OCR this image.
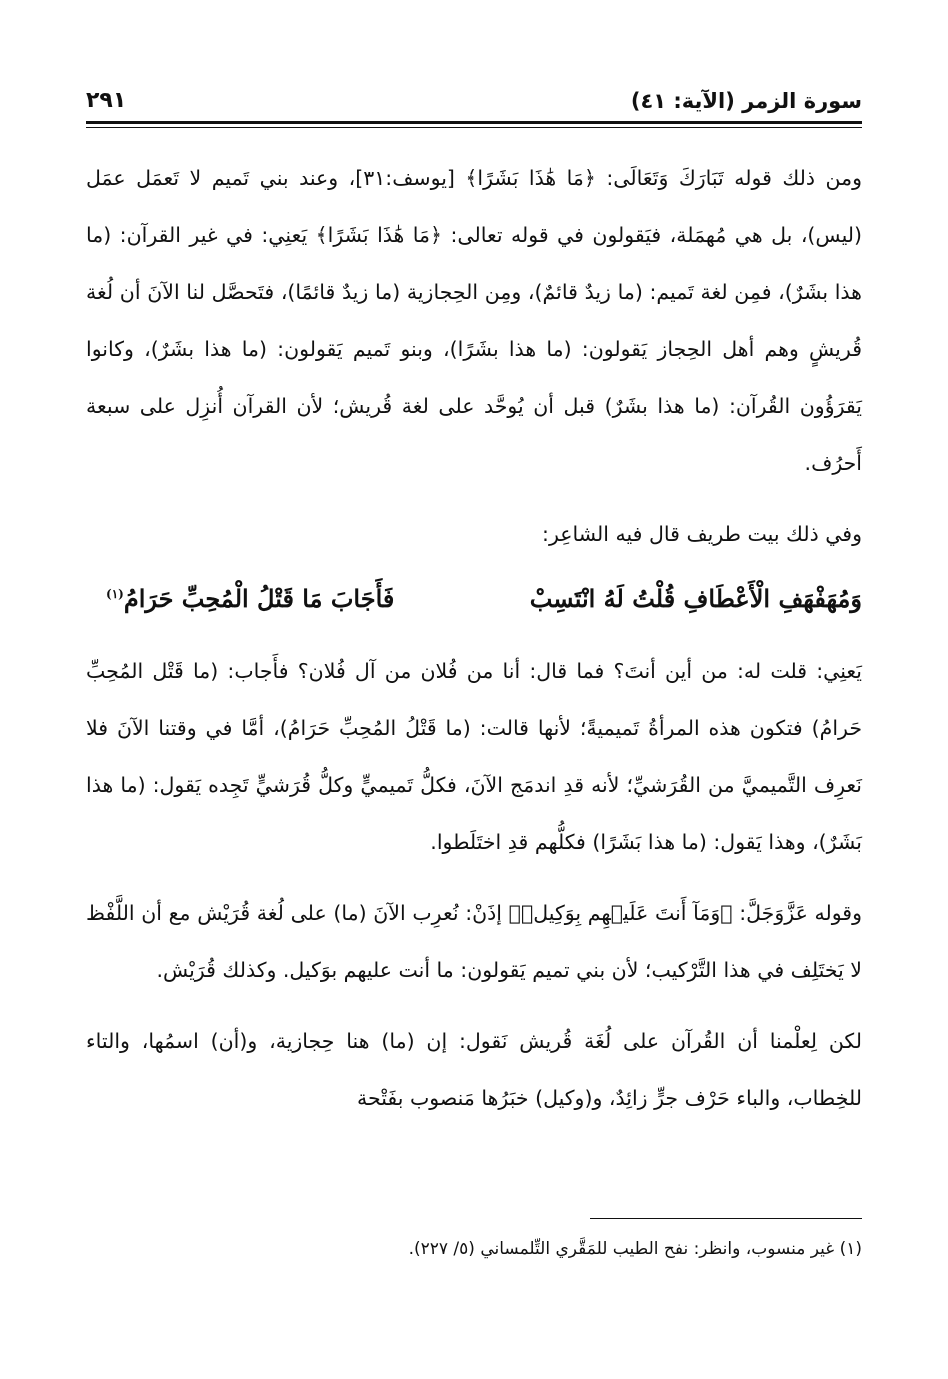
سورة الزمر (الآية: ٤١)
٢٩١

ومن ذلك قوله تَبَارَكَ وَتَعَالَى: ﴿مَا هَٰذَا بَشَرًا﴾ [يوسف:٣١]، وعند بني تَميم لا تَعمَل عمَل (ليس)، بل هي مُهمَلة، فيَقولون في قوله تعالى: ﴿مَا هَٰذَا بَشَرًا﴾ يَعنِي: في غير القرآن: (ما هذا بشَرٌ)، فمِن لغة تَميم: (ما زيدٌ قائمٌ)، ومِن الحِجازية (ما زيدٌ قائمًا)، فتَحصَّل لنا الآنَ أن لُغة قُريشٍ وهم أهل الحِجاز يَقولون: (ما هذا بشَرًا)، وبنو تَميم يَقولون: (ما هذا بشَرٌ)، وكانوا يَقرَؤُون القُرآن: (ما هذا بشَرٌ) قبل أن يُوحَّد على لغة قُريش؛ لأن القرآن أُنزِل على سبعة أَحرُف.

وفي ذلك بيت طريف قال فيه الشاعِر:

وَمُهَفْهَفِ الْأَعْطَافِ قُلْتُ لَهُ انْتَسِبْ
فَأَجَابَ مَا قَتْلُ الْمُحِبِّ حَرَامُ$^{(١)}$

يَعنِي: قلت له: من أين أنتَ؟ فما قال: أنا من فُلان من آل فُلان؟ فأَجاب: (ما قَتْل المُحِبِّ حَرامُ) فتكون هذه المرأةُ تَميميةً؛ لأنها قالت: (ما قَتْلُ المُحِبِّ حَرَامُ)، أمَّا في وقتنا الآنَ فلا نَعرِف التَّميميَّ من القُرَشيِّ؛ لأنه قدِ اندمَج الآنَ، فكلُّ تَميميٍّ وكلُّ قُرَشيٍّ تَجِده يَقول: (ما هذا بَشَرٌ)، وهذا يَقول: (ما هذا بَشَرًا) فكلُّهم قدِ اختَلَطوا.

وقوله عَزَّوَجَلَّ: ﴿وَمَآ أَنتَ عَلَيۡهِم بِوَكِيلٖ﴾ إذَنْ: نُعرِب الآنَ (ما) على لُغة قُرَيْش مع أن اللَّفْظ لا يَختَلِف في هذا التَّرْكيب؛ لأن بني تميم يَقولون: ما أنت عليهم بوَكيل. وكذلك قُرَيْش.

لكن لِعلْمنا أن القُرآن على لُغَة قُريش نَقول: إن (ما) هنا حِجازية، و(أن) اسمُها، والتاء للخِطاب، والباء حَرْف جرٍّ زائِدٌ، و(وكيل) خبَرُها مَنصوب بفَتْحة

(١) غير منسوب، وانظر: نفح الطيب للمَقَّري التِّلمساني (٥/ ٢٢٧).
